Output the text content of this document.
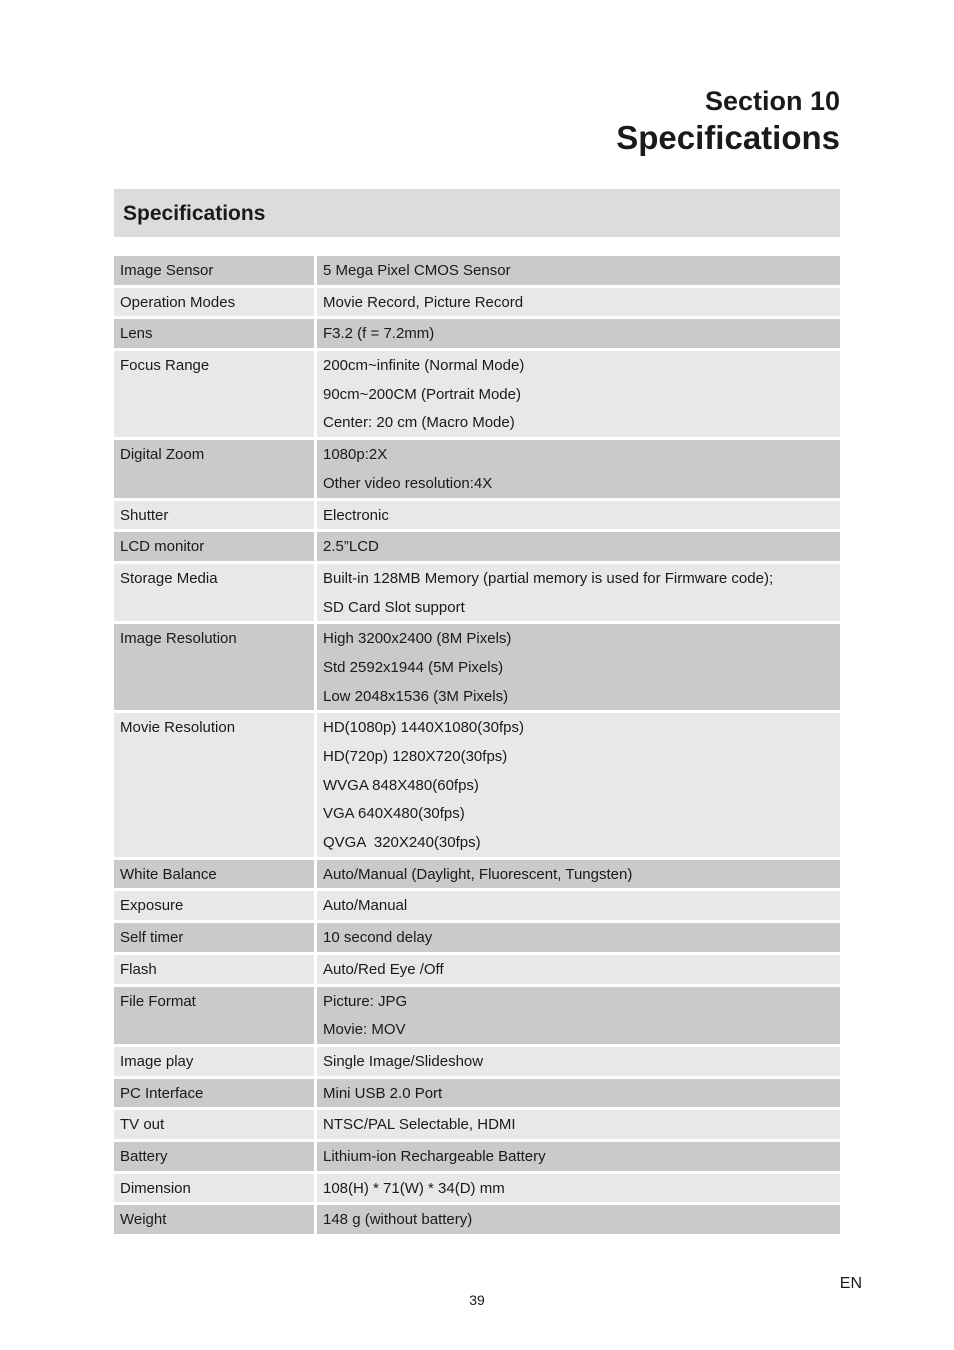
Section 10
Specifications
Specifications
Image Sensor	5 Mega Pixel CMOS Sensor

Operation Modes	Movie Record, Picture Record

Lens	F3.2 (f = 7.2mm)

Focus Range	200cm~infinite (Normal Mode)
90cm~200CM (Portrait Mode)
Center: 20 cm (Macro Mode)

Digital Zoom	1080p:2X
Other video resolution:4X

Shutter	Electronic

LCD monitor	2.5”LCD

Storage Media	Built-in 128MB Memory (partial memory is used for Firmware code);
SD Card Slot support

Image Resolution	High 3200x2400 (8M Pixels)
Std 2592x1944 (5M Pixels)
Low 2048x1536 (3M Pixels)

Movie Resolution	HD(1080p) 1440X1080(30fps)
HD(720p) 1280X720(30fps)
WVGA 848X480(60fps)
VGA 640X480(30fps)
QVGA  320X240(30fps)

White Balance	Auto/Manual (Daylight, Fluorescent, Tungsten)

Exposure	Auto/Manual

Self timer	10 second delay

Flash	Auto/Red Eye /Off

File Format	Picture: JPG
Movie: MOV

Image play	Single Image/Slideshow

PC Interface	Mini USB 2.0 Port

TV out	NTSC/PAL Selectable, HDMI

Battery	Lithium-ion Rechargeable Battery

Dimension	108(H) * 71(W) * 34(D) mm

Weight	148 g (without battery)
EN
39
